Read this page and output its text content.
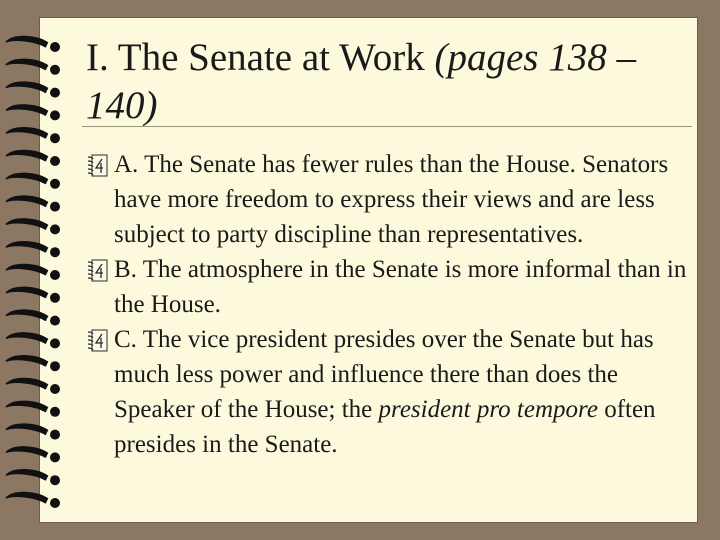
I. The Senate at Work (pages 138 –140)
A. The Senate has fewer rules than the House. Senators have more freedom to express their views and are less subject to party discipline than representatives.
B. The atmosphere in the Senate is more informal than in the House.
C. The vice president presides over the Senate but has much less power and influence there than does the Speaker of the House; the president pro tempore often presides in the Senate.
